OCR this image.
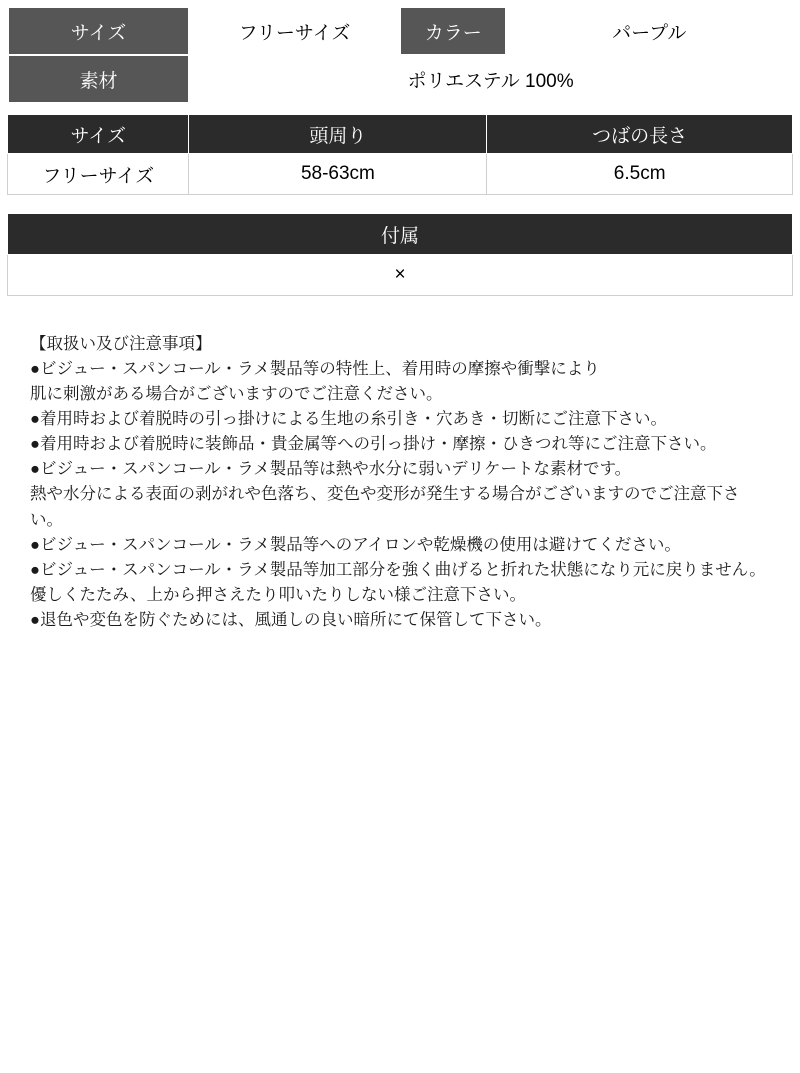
サイズ	フリーサイズ	カラー	パープル
素材	ポリエステル 100%		
サイズ	頭周り	つばの長さ
フリーサイズ	58-63cm	6.5cm
付属
×
【取扱い及び注意事項】
●ビジュー・スパンコール・ラメ製品等の特性上、着用時の摩擦や衝撃により
肌に刺激がある場合がございますのでご注意ください。
●着用時および着脱時の引っ掛けによる生地の糸引き・穴あき・切断にご注意下さい。
●着用時および着脱時に装飾品・貴金属等への引っ掛け・摩擦・ひきつれ等にご注意下さい。
●ビジュー・スパンコール・ラメ製品等は熱や水分に弱いデリケートな素材です。
熱や水分による表面の剥がれや色落ち、変色や変形が発生する場合がございますのでご注意下さい。
●ビジュー・スパンコール・ラメ製品等へのアイロンや乾燥機の使用は避けてください。
●ビジュー・スパンコール・ラメ製品等加工部分を強く曲げると折れた状態になり元に戻りません。
優しくたたみ、上から押さえたり叩いたりしない様ご注意下さい。
●退色や変色を防ぐためには、風通しの良い暗所にて保管して下さい。
